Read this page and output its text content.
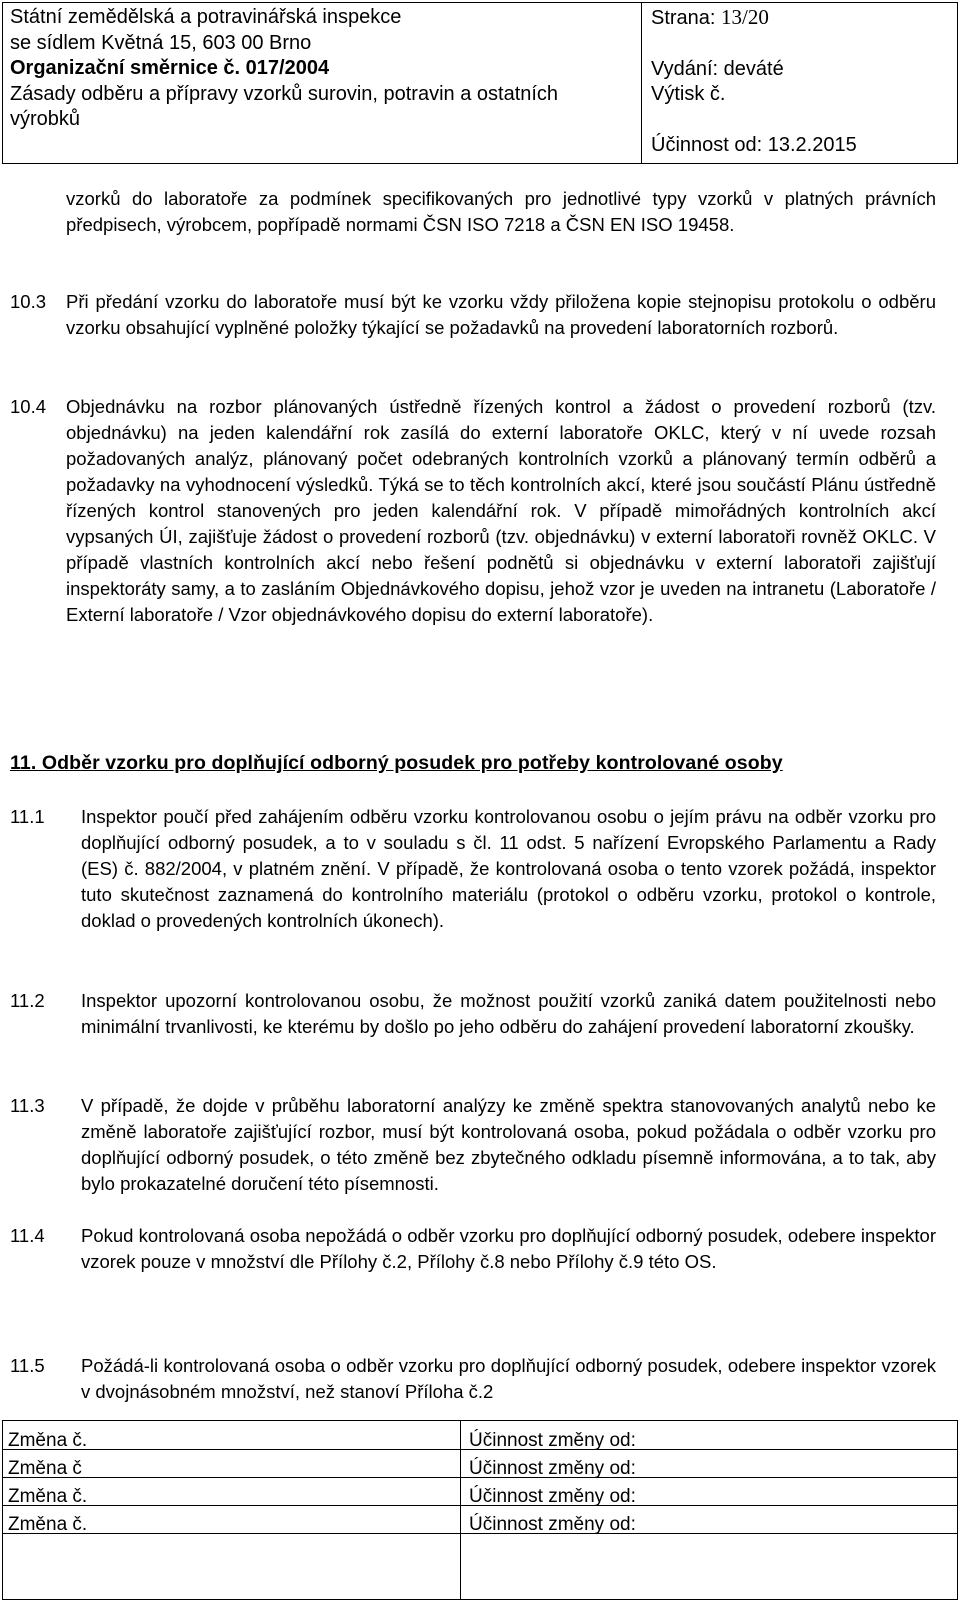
Státní zemědělská a potravinářská inspekce
se sídlem Květná 15, 603 00 Brno
Organizační směrnice č. 017/2004
Zásady odběru a přípravy vzorků surovin, potravin a ostatních
výrobků
Strana: 13/20
Vydání: deváté
Výtisk č.
Účinnost od: 13.2.2015
vzorků do laboratoře za podmínek specifikovaných pro jednotlivé typy vzorků v platných právních předpisech, výrobcem, popřípadě normami ČSN ISO 7218 a ČSN EN ISO 19458.
10.3 Při předání vzorku do laboratoře musí být ke vzorku vždy přiložena kopie stejnopisu protokolu o odběru vzorku obsahující vyplněné položky týkající se požadavků na provedení laboratorních rozborů.
10.4 Objednávku na rozbor plánovaných ústředně řízených kontrol a žádost o provedení rozborů (tzv. objednávku) na jeden kalendářní rok zasílá do externí laboratoře OKLC, který v ní uvede rozsah požadovaných analýz, plánovaný počet odebraných kontrolních vzorků a plánovaný termín odběrů a požadavky na vyhodnocení výsledků. Týká se to těch kontrolních akcí, které jsou součástí Plánu ústředně řízených kontrol stanovených pro jeden kalendářní rok. V případě mimořádných kontrolních akcí vypsaných ÚI, zajišťuje žádost o provedení rozborů (tzv. objednávku) v externí laboratoři rovněž OKLC. V případě vlastních kontrolních akcí nebo řešení podnětů si objednávku v externí laboratoři zajišťují inspektoráty samy, a to zasláním Objednávkového dopisu, jehož vzor je uveden na intranetu (Laboratoře / Externí laboratoře / Vzor objednávkového dopisu do externí laboratoře).
11. Odběr vzorku pro doplňující odborný posudek pro potřeby kontrolované osoby
11.1 Inspektor poučí před zahájením odběru vzorku kontrolovanou osobu o jejím právu na odběr vzorku pro doplňující odborný posudek, a to v souladu s čl. 11 odst. 5 nařízení Evropského Parlamentu a Rady (ES) č. 882/2004, v platném znění. V případě, že kontrolovaná osoba o tento vzorek požádá, inspektor tuto skutečnost zaznamená do kontrolního materiálu (protokol o odběru vzorku, protokol o kontrole, doklad o provedených kontrolních úkonech).
11.2 Inspektor upozorní kontrolovanou osobu, že možnost použití vzorků zaniká datem použitelnosti nebo minimální trvanlivosti, ke kterému by došlo po jeho odběru do zahájení provedení laboratorní zkoušky.
11.3 V případě, že dojde v průběhu laboratorní analýzy ke změně spektra stanovovaných analytů nebo ke změně laboratoře zajišťující rozbor, musí být kontrolovaná osoba, pokud požádala o odběr vzorku pro doplňující odborný posudek, o této změně bez zbytečného odkladu písemně informována, a to tak, aby bylo prokazatelné doručení této písemnosti.
11.4 Pokud kontrolovaná osoba nepožádá o odběr vzorku pro doplňující odborný posudek, odebere inspektor vzorek pouze v množství dle Přílohy č.2, Přílohy č.8 nebo Přílohy č.9 této OS.
11.5 Požádá-li kontrolovaná osoba o odběr vzorku pro doplňující odborný posudek, odebere inspektor vzorek v dvojnásobném množství, než stanoví Příloha č.2
Změna č.	Účinnost změny od:
Změna č	Účinnost změny od:
Změna č.	Účinnost změny od:
Změna č.	Účinnost změny od:
